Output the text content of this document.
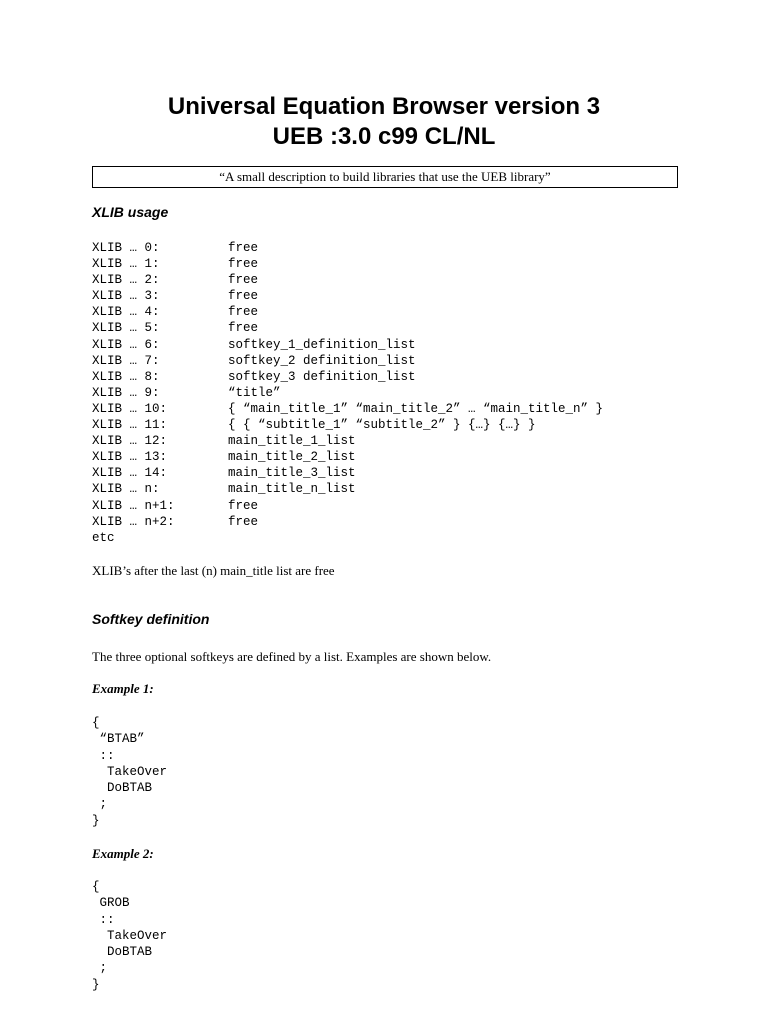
Universal Equation Browser version 3
UEB :3.0 c99 CL/NL
“A small description to build libraries that use the UEB library”
XLIB usage
XLIB … 0:	free
XLIB … 1:	free
XLIB … 2:	free
XLIB … 3:	free
XLIB … 4:	free
XLIB … 5:	free
XLIB … 6:	softkey_1_definition_list
XLIB … 7:	softkey_2 definition_list
XLIB … 8:	softkey_3 definition_list
XLIB … 9:	“title”
XLIB … 10:	{ “main_title_1” “main_title_2” … “main_title_n” }
XLIB … 11:	{ { “subtitle_1” “subtitle_2” } {…} {…} }
XLIB … 12:	main_title_1_list
XLIB … 13:	main_title_2_list
XLIB … 14:	main_title_3_list
XLIB … n:	main_title_n_list
XLIB … n+1:	free
XLIB … n+2:	free
etc

XLIB’s after the last (n) main_title list are free

Softkey definition

The three optional softkeys are defined by a list. Examples are shown below.

Example 1:

{
“BTAB”
::
TakeOver
DoBTAB
;
}

Example 2:

{
GROB
::
TakeOver
DoBTAB
;
}
